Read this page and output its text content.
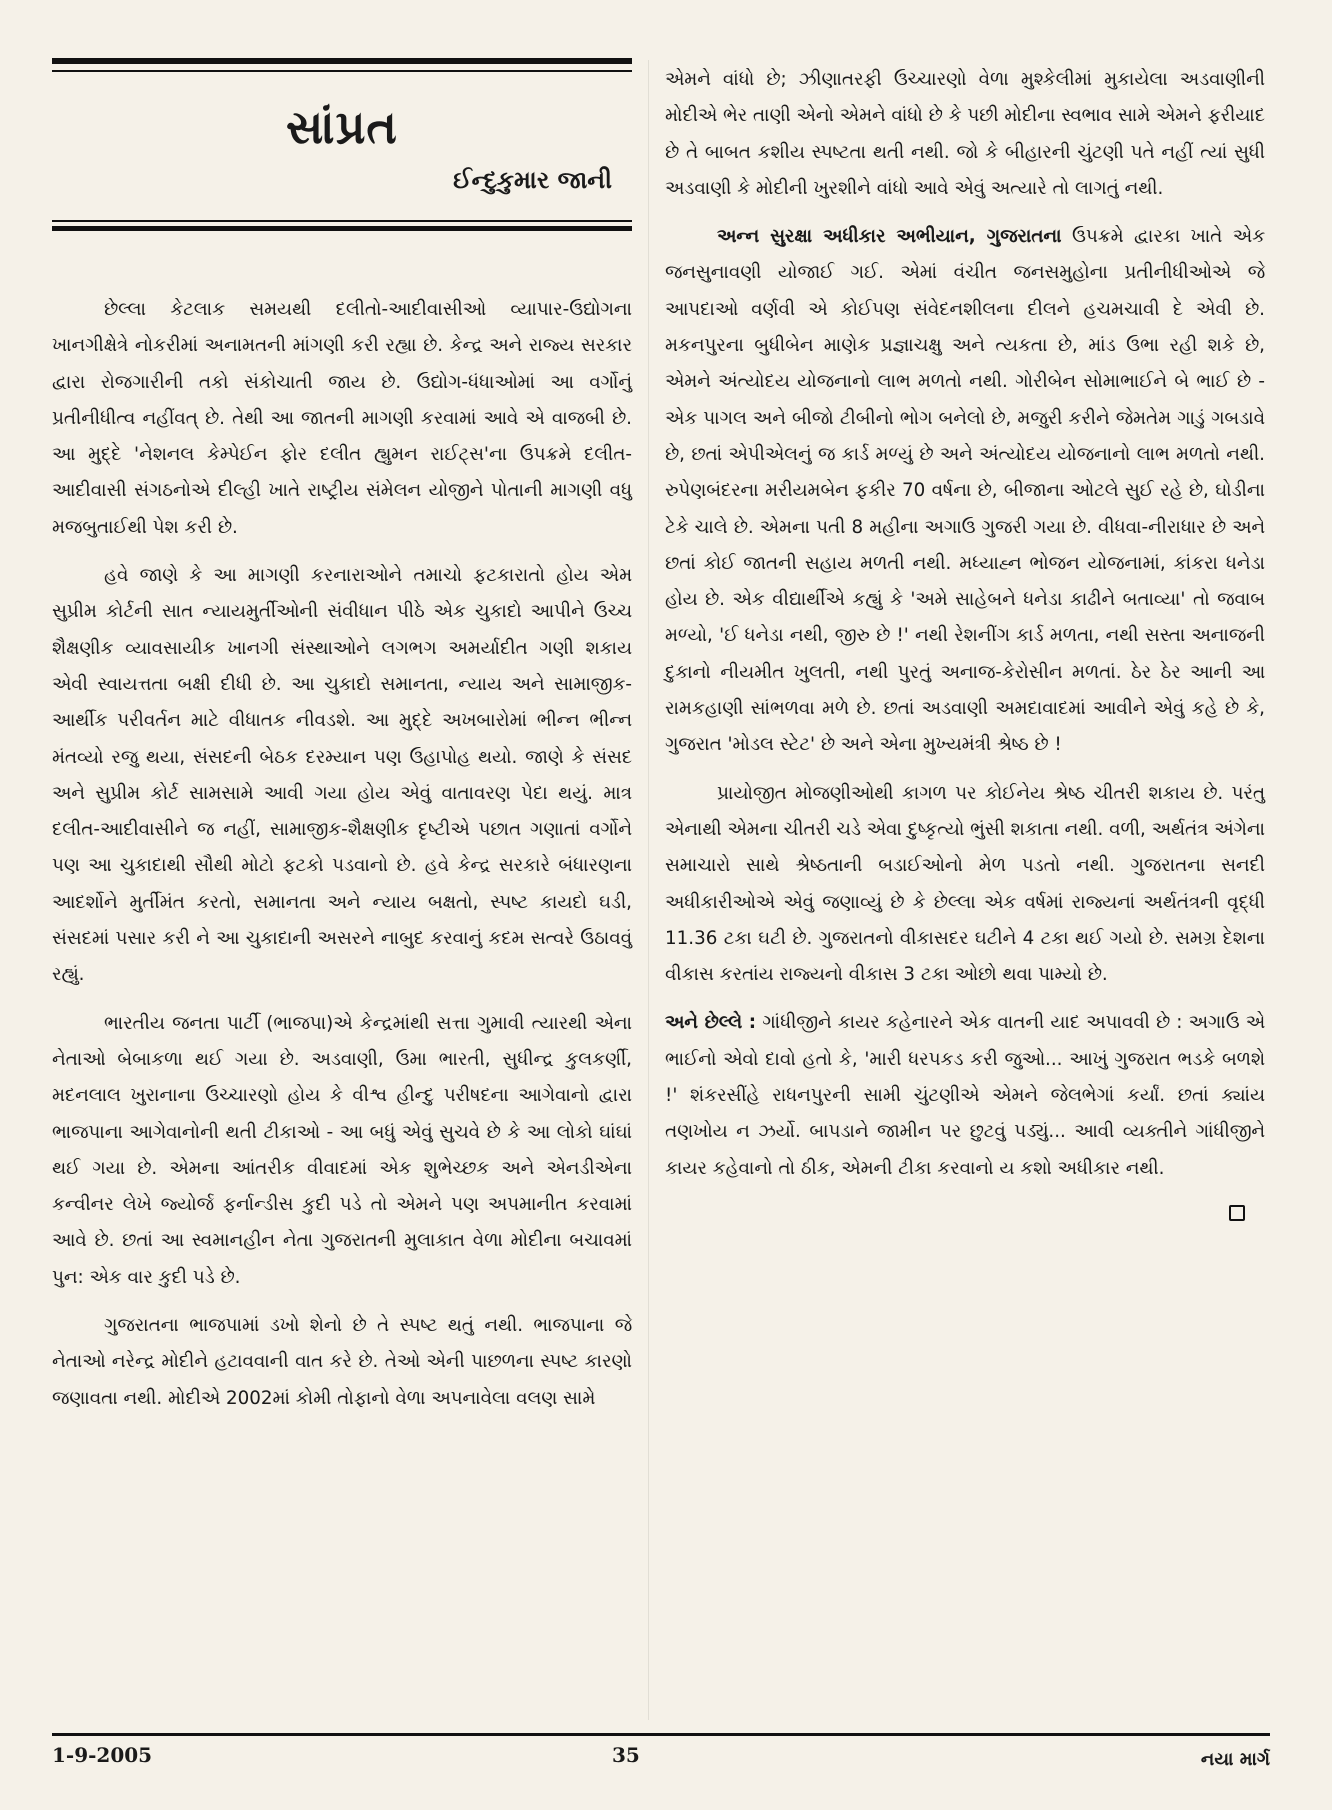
સાંપ્રત
ઈન્દુકુમાર જાની

છેલ્લા કેટલાક સમયથી દલીતો-આદીવાસીઓ વ્યાપાર-ઉદ્યોગના ખાનગીક્ષેત્રે નોકરીમાં અનામતની માંગણી કરી રહ્યા છે. કેન્દ્ર અને રાજ્ય સરકાર દ્વારા રોજગારીની તકો સંકોચાતી જાય છે. ઉદ્યોગ-ધંધાઓમાં આ વર્ગોનું પ્રતીનીધીત્વ નહીંવત્ છે. તેથી આ જાતની માગણી કરવામાં આવે એ વાજબી છે. આ મુદ્દે 'નેશનલ કેમ્પેઈન ફોર દલીત હ્યુમન રાઈટ્સ'ના ઉપક્રમે દલીત-આદીવાસી સંગઠનોએ દીલ્હી ખાતે રાષ્ટ્રીય સંમેલન યોજીને પોતાની માગણી વધુ મજબુતાઈથી પેશ કરી છે.

હવે જાણે કે આ માગણી કરનારાઓને તમાચો ફટકારાતો હોય એમ સુપ્રીમ કોર્ટની સાત ન્યાયમુર્તીઓની સંવીધાન પીઠે એક ચુકાદો આપીને ઉચ્ચ શૈક્ષણીક વ્યાવસાયીક ખાનગી સંસ્થાઓને લગભગ અમર્યાદીત ગણી શકાય એવી સ્વાયત્તતા બક્ષી દીધી છે. આ ચુકાદો સમાનતા, ન્યાય અને સામાજીક-આર્થીક પરીવર્તન માટે વીધાતક નીવડશે. આ મુદ્દે અખબારોમાં ભીન્ન ભીન્ન મંતવ્યો રજુ થયા, સંસદની બેઠક દરમ્યાન પણ ઉહાપોહ થયો. જાણે કે સંસદ અને સુપ્રીમ કોર્ટ સામસામે આવી ગયા હોય એવું વાતાવરણ પેદા થયું. માત્ર દલીત-આદીવાસીને જ નહીં, સામાજીક-શૈક્ષણીક દૃષ્ટીએ પછાત ગણાતાં વર્ગોને પણ આ ચુકાદાથી સૌથી મોટો ફટકો પડવાનો છે. હવે કેન્દ્ર સરકારે બંધારણના આદર્શોને મુર્તીમંત કરતો, સમાનતા અને ન્યાય બક્ષતો, સ્પષ્ટ કાયદો ઘડી, સંસદમાં પસાર કરી ને આ ચુકાદાની અસરને નાબુદ કરવાનું કદમ સત્વરે ઉઠાવવું રહ્યું.

ભારતીય જનતા પાર્ટી (ભાજપા)એ કેન્દ્રમાંથી સત્તા ગુમાવી ત્યારથી એના નેતાઓ બેબાકળા થઈ ગયા છે. અડવાણી, ઉમા ભારતી, સુધીન્દ્ર કુલકર્ણી, મદનલાલ ખુરાનાના ઉચ્ચારણો હોય કે વીશ્વ હીન્દુ પરીષદના આગેવાનો દ્વારા ભાજપાના આગેવાનોની થતી ટીકાઓ - આ બધું એવું સુચવે છે કે આ લોકો ઘાંઘાં થઈ ગયા છે. એમના આંતરીક વીવાદમાં એક શુભેચ્છક અને એનડીએના કન્વીનર લેખે જ્યોર્જ ફર્નાન્ડીસ કુદી પડે તો એમને પણ અપમાનીત કરવામાં આવે છે. છતાં આ સ્વમાનહીન નેતા ગુજરાતની મુલાકાત વેળા મોદીના બચાવમાં પુન: એક વાર કુદી પડે છે.

ગુજરાતના ભાજપામાં ડખો શેનો છે તે સ્પષ્ટ થતું નથી. ભાજપાના જે નેતાઓ નરેન્દ્ર મોદીને હટાવવાની વાત કરે છે. તેઓ એની પાછળના સ્પષ્ટ કારણો જણાવતા નથી. મોદીએ 2002માં કોમી તોફાનો વેળા અપનાવેલા વલણ સામે

એમને વાંધો છે; ઝીણાતરફી ઉચ્ચારણો વેળા મુશ્કેલીમાં મુકાયેલા અડવાણીની મોદીએ ભેર તાણી એનો એમને વાંધો છે કે પછી મોદીના સ્વભાવ સામે એમને ફરીયાદ છે તે બાબત કશીય સ્પષ્ટતા થતી નથી. જો કે બીહારની ચુંટણી પતે નહીં ત્યાં સુધી અડવાણી કે મોદીની ખુરશીને વાંધો આવે એવું અત્યારે તો લાગતું નથી.

અન્ન સુરક્ષા અધીકાર અભીયાન, ગુજરાતના ઉપક્રમે દ્વારકા ખાતે એક જનસુનાવણી યોજાઈ ગઈ. એમાં વંચીત જનસમુહોના પ્રતીનીધીઓએ જે આપદાઓ વર્ણવી એ કોઈપણ સંવેદનશીલના દીલને હચમચાવી દે એવી છે. મકનપુરના બુધીબેન માણેક પ્રજ્ઞાચક્ષુ અને ત્યકતા છે, માંડ ઉભા રહી શકે છે, એમને અંત્યોદય યોજનાનો લાભ મળતો નથી. ગોરીબેન સોમાભાઈને બે ભાઈ છે - એક પાગલ અને બીજો ટીબીનો ભોગ બનેલો છે, મજુરી કરીને જેમતેમ ગાડું ગબડાવે છે, છતાં એપીએલનું જ કાર્ડ મળ્યું છે અને અંત્યોદય યોજનાનો લાભ મળતો નથી. રુપેણબંદરના મરીયમબેન ફકીર 70 વર્ષના છે, બીજાના ઓટલે સુઈ રહે છે, ઘોડીના ટેકે ચાલે છે. એમના પતી 8 મહીના અગાઉ ગુજરી ગયા છે. વીધવા-નીરાધાર છે અને છતાં કોઈ જાતની સહાય મળતી નથી. મધ્યાહ્ન ભોજન યોજનામાં, કાંકરા ધનેડા હોય છે. એક વીદ્યાર્થીએ કહ્યું કે 'અમે સાહેબને ધનેડા કાઢીને બતાવ્યા' તો જવાબ મળ્યો, 'ઈ ધનેડા નથી, જીરુ છે !' નથી રેશનીંગ કાર્ડ મળતા, નથી સસ્તા અનાજની દુકાનો નીયમીત ખુલતી, નથી પુરતું અનાજ-કેરોસીન મળતાં. ઠેર ઠેર આની આ રામકહાણી સાંભળવા મળે છે. છતાં અડવાણી અમદાવાદમાં આવીને એવું કહે છે કે, ગુજરાત 'મોડલ સ્ટેટ' છે અને એના મુખ્યમંત્રી શ્રેષ્ઠ છે !

પ્રાયોજીત મોજણીઓથી કાગળ પર કોઈનેય શ્રેષ્ઠ ચીતરી શકાય છે. પરંતુ એનાથી એમના ચીતરી ચડે એવા દુષ્કૃત્યો ભુંસી શકાતા નથી. વળી, અર્થતંત્ર અંગેના સમાચારો સાથે શ્રેષ્ઠતાની બડાઈઓનો મેળ પડતો નથી. ગુજરાતના સનદી અધીકારીઓએ એવું જણાવ્યું છે કે છેલ્લા એક વર્ષમાં રાજ્યનાં અર્થતંત્રની વૃદ્ધી 11.36 ટકા ઘટી છે. ગુજરાતનો વીકાસદર ઘટીને 4 ટકા થઈ ગયો છે. સમગ્ર દેશના વીકાસ કરતાંય રાજ્યનો વીકાસ 3 ટકા ઓછો થવા પામ્યો છે.

અને છેલ્લે : ગાંધીજીને કાયર કહેનારને એક વાતની યાદ અપાવવી છે : અગાઉ એ ભાઈનો એવો દાવો હતો કે, 'મારી ધરપકડ કરી જુઓ... આખું ગુજરાત ભડકે બળશે !' શંકરસીંહે રાધનપુરની સામી ચુંટણીએ એમને જેલભેગાં કર્યાં. છતાં ક્યાંય તણખોય ન ઝર્યો. બાપડાને જામીન પર છુટવું પડ્યું... આવી વ્યક્તીને ગાંધીજીને કાયર કહેવાનો તો ઠીક, એમની ટીકા કરવાનો ય કશો અધીકાર નથી.

1-9-2005	35	નયા માર્ગ
